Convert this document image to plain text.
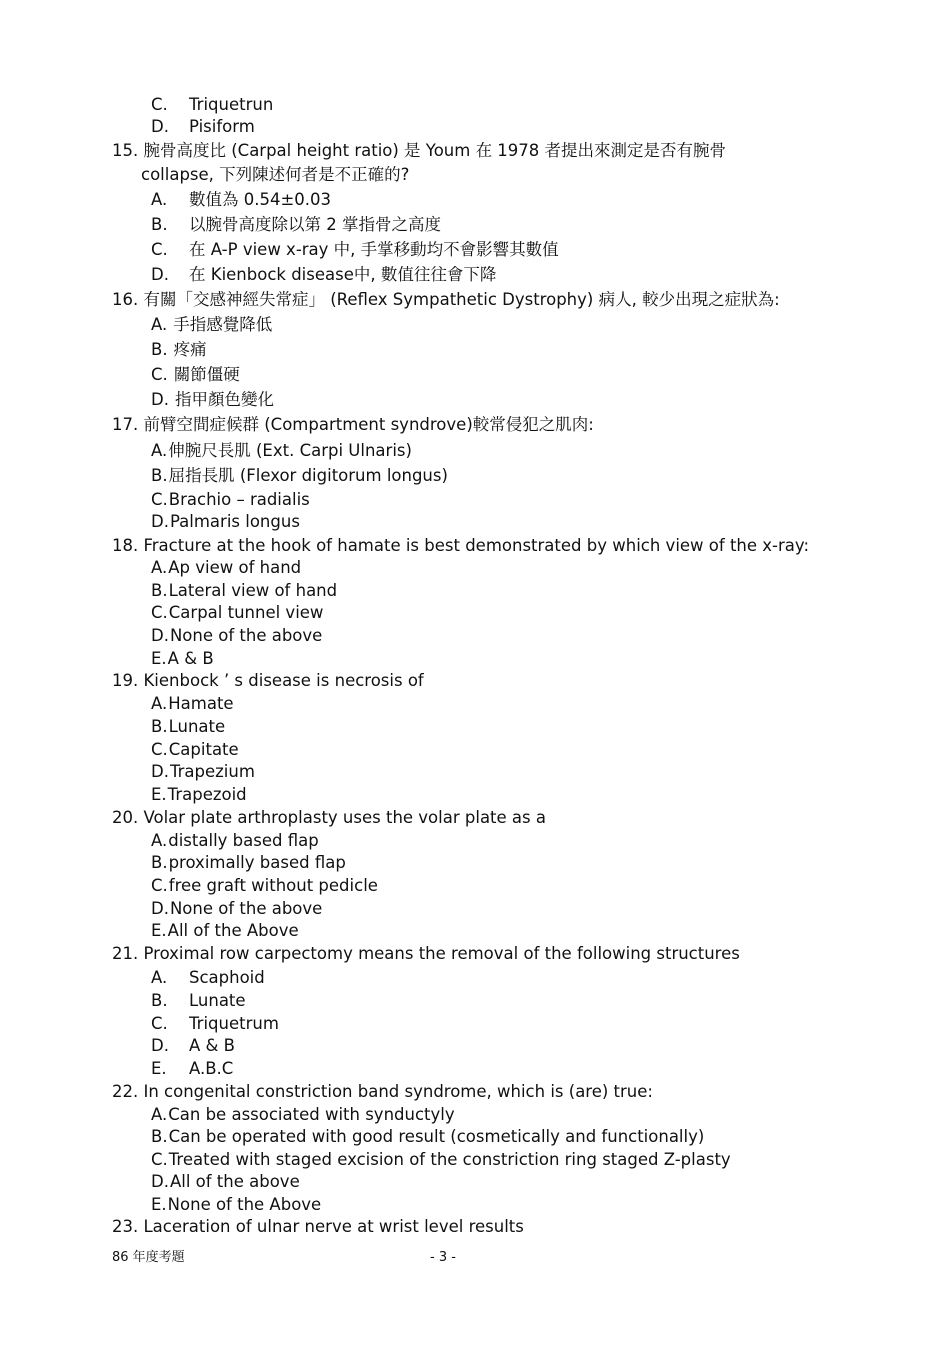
C. Triquetrun
D. Pisiform
15. 腕骨高度比 (Carpal height ratio) 是 Youm 在 1978 者提出來測定是否有腕骨
collapse, 下列陳述何者是不正確的?
A. 數值為 0.54±0.03
B. 以腕骨高度除以第 2 掌指骨之高度
C. 在 A-P view x-ray 中, 手掌移動均不會影響其數值
D. 在 Kienbock disease中, 數值往往會下降
16. 有關「交感神經失常症」 (Reflex Sympathetic Dystrophy) 病人, 較少出現之症狀為:
A. 手指感覺降低
B. 疼痛
C. 關節僵硬
D. 指甲顏色變化
17. 前臂空間症候群 (Compartment syndrove)較常侵犯之肌肉:
A.伸腕尺長肌 (Ext. Carpi Ulnaris)
B.屈指長肌 (Flexor digitorum longus)
C.Brachio – radialis
D.Palmaris longus
18. Fracture at the hook of hamate is best demonstrated by which view of the x-ray:
A.Ap view of hand
B.Lateral view of hand
C.Carpal tunnel view
D.None of the above
E.A & B
19. Kienbock ’ s disease is necrosis of
A.Hamate
B.Lunate
C.Capitate
D.Trapezium
E.Trapezoid
20. Volar plate arthroplasty uses the volar plate as a
A.distally based flap
B.proximally based flap
C.free graft without pedicle
D.None of the above
E.All of the Above
21. Proximal row carpectomy means the removal of the following structures
A. Scaphoid
B. Lunate
C. Triquetrum
D. A & B
E. A.B.C
22. In congenital constriction band syndrome, which is (are) true:
A.Can be associated with synductyly
B.Can be operated with good result (cosmetically and functionally)
C.Treated with staged excision of the constriction ring staged Z-plasty
D.All of the above
E.None of the Above
23. Laceration of ulnar nerve at wrist level results
86 年度考題	- 3 -
